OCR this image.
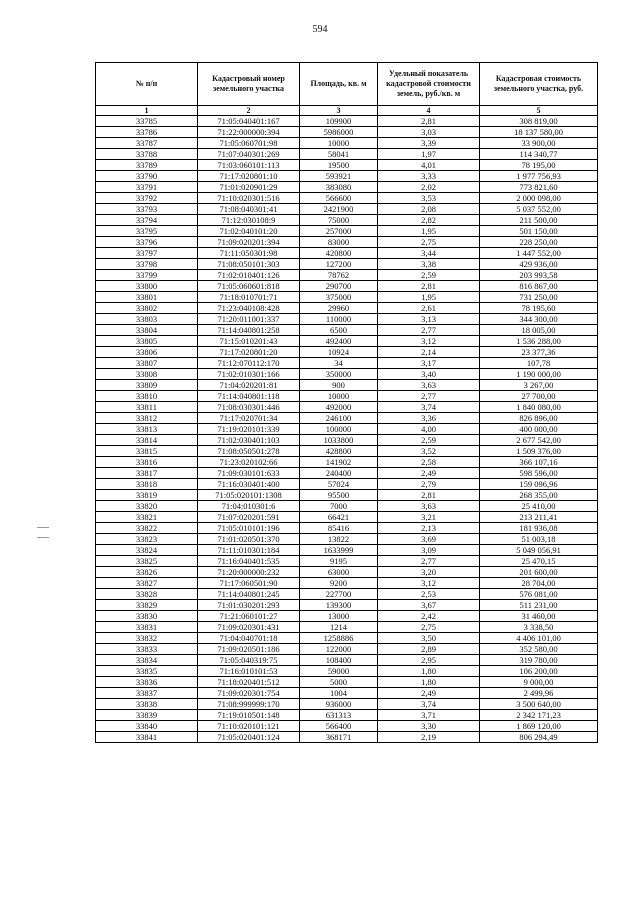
594
№ п/п	Кадастровый номер земельного участка	Площадь, кв. м	Удельный показатель кадастровой стоимости земель, руб./кв. м	Кадастровая стоимость земельного участка, руб.
1	2	3	4	5
33785	71:05:040401:167	109900	2,81	308 819,00
33786	71:22:000000:394	5986000	3,03	18 137 580,00
33787	71:05:060701:98	10000	3,39	33 900,00
33788	71:07:040301:269	58041	1,97	114 340,77
33789	71:03:060101:113	19500	4,01	78 195,00
33790	71:17:020801:10	593921	3,33	1 977 756,93
33791	71:01:020901:29	383080	2,02	773 821,60
33792	71:10:020301:516	566600	3,53	2 000 098,00
33793	71:08:040301:41	2421900	2,08	5 037 552,00
33794	71:12:030108:9	75000	2,82	211 500,00
33795	71:02:040101:20	257000	1,95	501 150,00
33796	71:09:020201:394	83000	2,75	228 250,00
33797	71:11:050301:98	420800	3,44	1 447 552,00
33798	71:08:050101:303	127200	3,38	429 936,00
33799	71:02:010401:126	78762	2,59	203 993,58
33800	71:05:060601:818	290700	2,81	816 867,00
33801	71:18:010701:71	375000	1,95	731 250,00
33802	71:23:040108:428	29960	2,61	78 195,60
33803	71:20:011001:337	110000	3,13	344 300,00
33804	71:14:040801:258	6500	2,77	18 005,00
33805	71:15:010201:43	492400	3,12	1 536 288,00
33806	71:17:020801:20	10924	2,14	23 377,36
33807	71:12:070112:170	34	3,17	107,78
33808	71:02:010301:166	350000	3,40	1 190 000,00
33809	71:04:020201:81	900	3,63	3 267,00
33810	71:14:040801:118	10000	2,77	27 700,00
33811	71:08:030301:446	492000	3,74	1 840 080,00
33812	71:17:020701:34	246100	3,36	826 896,00
33813	71:19:020101:339	100000	4,00	400 000,00
33814	71:02:030401:103	1033800	2,59	2 677 542,00
33815	71:08:050501:278	428800	3,52	1 509 376,00
33816	71:23:020102:66	141902	2,58	366 107,16
33817	71:09:030101:633	240400	2,49	598 596,00
33818	71:16:030401:400	57024	2,79	159 096,96
33819	71:05:020101:1308	95500	2,81	268 355,00
33820	71:04:010301:6	7000	3,63	25 410,00
33821	71:07:020201:591	66421	3,21	213 211,41
33822	71:05:010101:196	85416	2,13	181 936,08
33823	71:01:020501:370	13822	3,69	51 003,18
33824	71:11:010301:184	1633999	3,09	5 049 056,91
33825	71:16:040401:535	9195	2,77	25 470,15
33826	71:20:000000:232	63000	3,20	201 600,00
33827	71:17:060501:90	9200	3,12	28 704,00
33828	71:14:040801:245	227700	2,53	576 081,00
33829	71:01:030201:293	139300	3,67	511 231,00
33830	71:21:060101:27	13000	2,42	31 460,00
33831	71:09:020301:431	1214	2,75	3 338,50
33832	71:04:040701:18	1258886	3,50	4 406 101,00
33833	71:09:020501:186	122000	2,89	352 580,00
33834	71:05:040319:75	108400	2,95	319 780,00
33835	71:16:010101:53	59000	1,80	106 200,00
33836	71:18:020401:512	5000	1,80	9 000,00
33837	71:09:020301:754	1004	2,49	2 499,96
33838	71:08:999999:170	936000	3,74	3 500 640,00
33839	71:19:010501:148	631313	3,71	2 342 171,23
33840	71:10:020101:121	566400	3,30	1 869 120,00
33841	71:05:020401:124	368171	2,19	806 294,49
